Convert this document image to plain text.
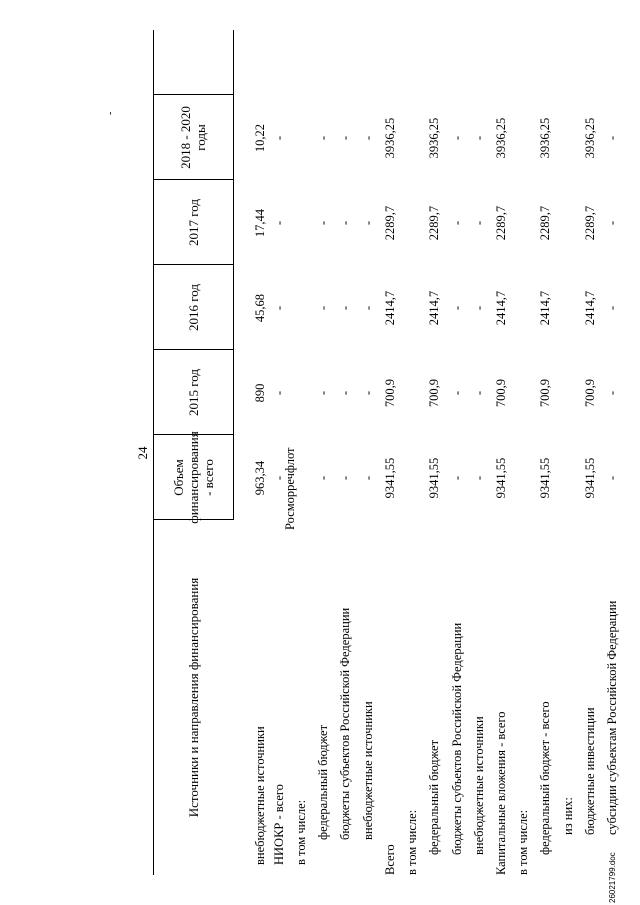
24
-
26021799.doc
Источники и направления финансирования
Объем финансирования - всего
2015 год
2016 год
2017 год
2018 - 2020 годы
Росморречфлот
внебюджетные источники
963,34
890
45,68
17,44
10,22
НИОКР - всего
-
-
-
-
-
в том числе: федеральный бюджет
-
-
-
-
-
бюджеты субъектов Российской Федерации
-
-
-
-
-
внебюджетные источники
-
-
-
-
-
Всего
9341,55
700,9
2414,7
2289,7
3936,25
в том числе: федеральный бюджет
9341,55
700,9
2414,7
2289,7
3936,25
бюджеты субъектов Российской Федерации
-
-
-
-
-
внебюджетные источники
-
-
-
-
-
Капитальные вложения - всего
9341,55
700,9
2414,7
2289,7
3936,25
в том числе: федеральный бюджет - всего
9341,55
700,9
2414,7
2289,7
3936,25
из них: бюджетные инвестиции
9341,55
700,9
2414,7
2289,7
3936,25
субсидии субъектам Российской Федерации
-
-
-
-
-
